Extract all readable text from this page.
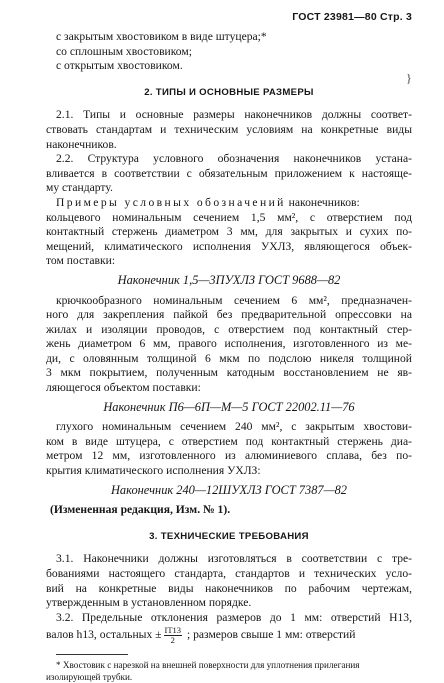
ГОСТ 23981—80 Стр. 3
}
с закрытым хвостовиком в виде штуцера;*
со сплошным хвостовиком;
с открытым хвостовиком.
2. ТИПЫ И ОСНОВНЫЕ РАЗМЕРЫ
2.1. Типы и основные размеры наконечников должны соответ-
ствовать стандартам и техническим условиям на конкретные виды
наконечников.
2.2. Структура условного обозначения наконечников устана-
вливается в соответствии с обязательным приложением к настояще-
му стандарту.
Примеры условных обозначений наконечников:
кольцевого номинальным сечением 1,5 мм², с отверстием под
контактный стержень диаметром 3 мм, для закрытых и сухих по-
мещений, климатического исполнения УХЛЗ, являющегося объек-
том поставки:
Наконечник 1,5—3ПУХЛЗ ГОСТ 9688—82
крючкообразного номинальным сечением 6 мм², предназначен-
ного для закрепления пайкой без предварительной опрессовки на
жилах и изоляции проводов, с отверстием под контактный стер-
жень диаметром 6 мм, правого исполнения, изготовленного из ме-
ди, с оловянным толщиной 6 мкм по подслою никеля толщиной
3 мкм покрытием, полученным катодным восстановлением не яв-
ляющегося объектом поставки:
Наконечник П6—6П—М—5 ГОСТ 22002.11—76
глухого номинальным сечением 240 мм², с закрытым хвостови-
ком в виде штуцера, с отверстием под контактный стержень диа-
метром 12 мм, изготовленного из алюминиевого сплава, без по-
крытия климатического исполнения УХЛЗ:
Наконечник 240—12ШУХЛЗ ГОСТ 7387—82
(Измененная редакция, Изм. № 1).
3. ТЕХНИЧЕСКИЕ ТРЕБОВАНИЯ
3.1. Наконечники должны изготовляться в соответствии с тре-
бованиями настоящего стандарта, стандартов и технических усло-
вий на конкретные виды наконечников по рабочим чертежам,
утвержденным в установленном порядке.
3.2. Предельные отклонения размеров до 1 мм: отверстий H13,
валов h13, остальных ± $\frac{IT13}{2}$ ; размеров свыше 1 мм: отверстий
* Хвостовик с нарезкой на внешней поверхности для уплотнения прилегания
изолирующей трубки.
